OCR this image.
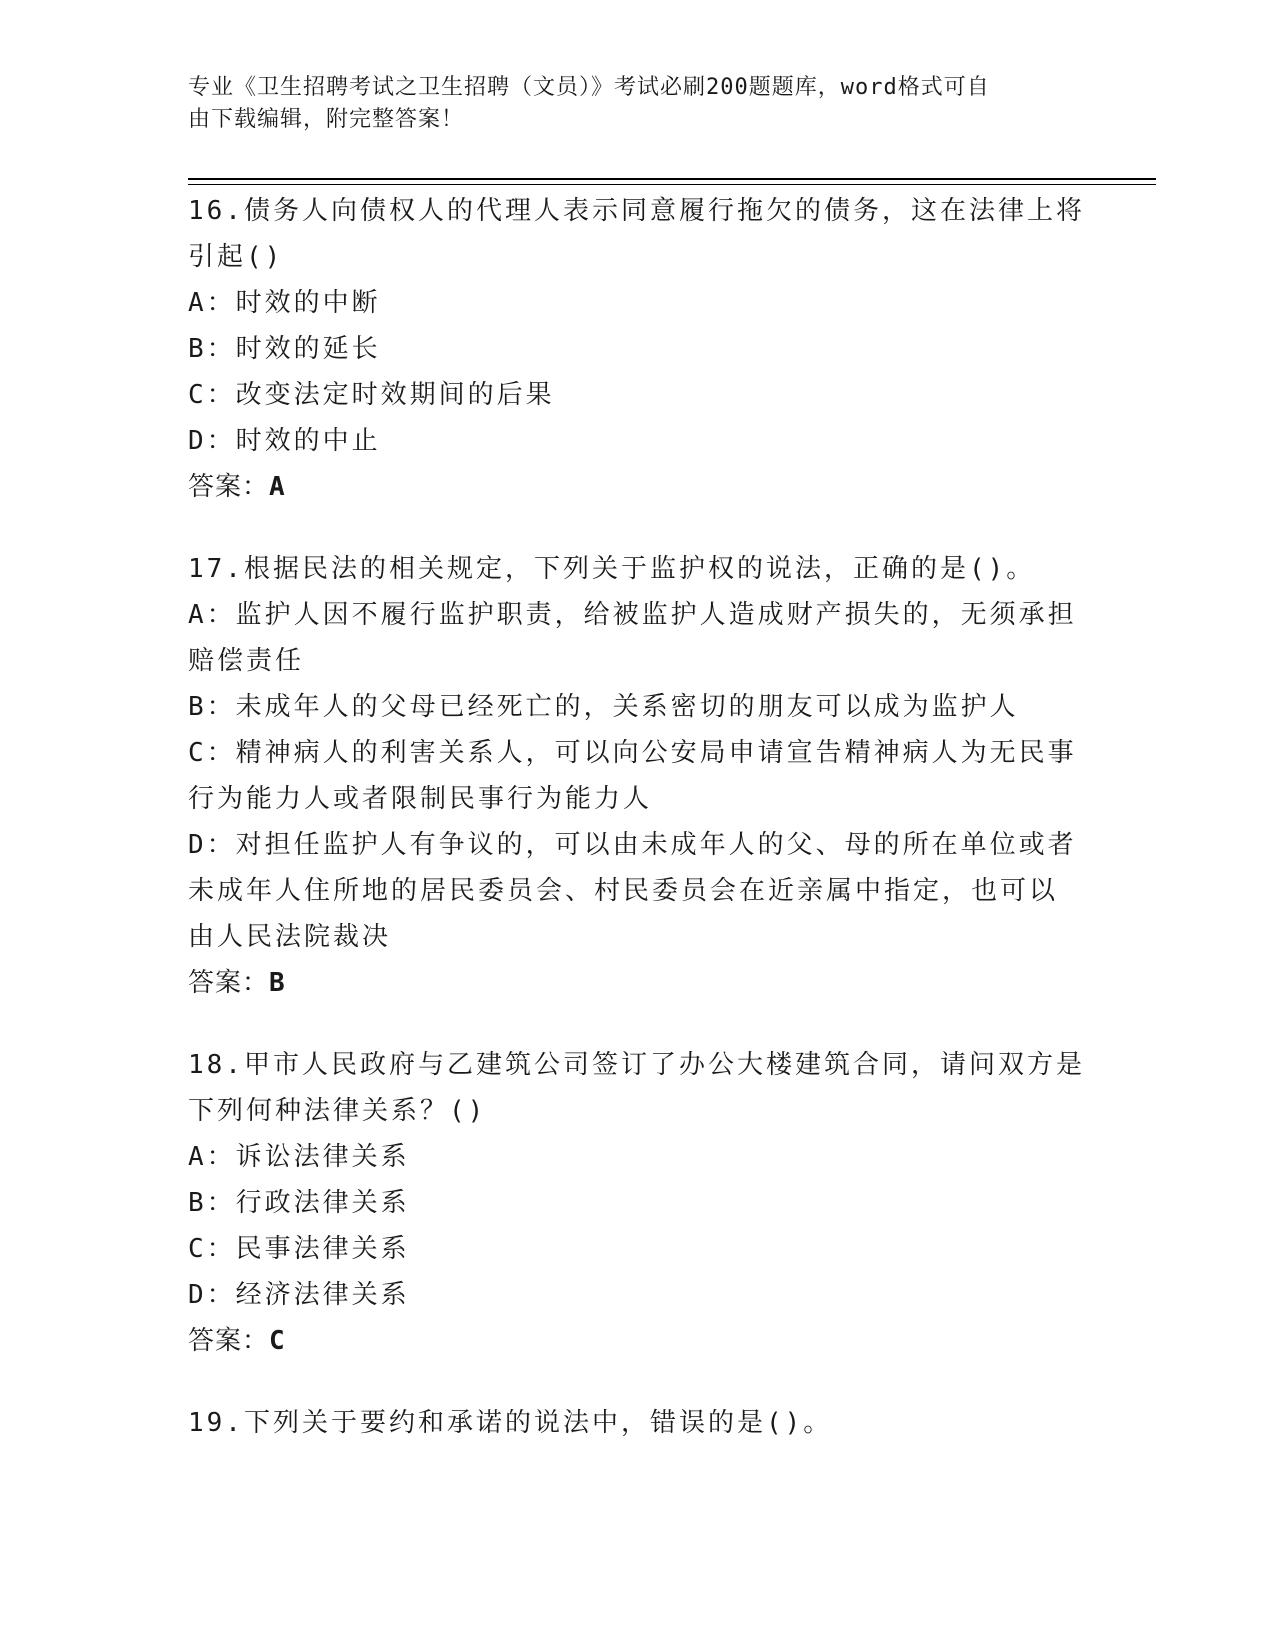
专业《卫生招聘考试之卫生招聘（文员）》考试必刷200题题库，word格式可自
由下载编辑，附完整答案！

16.债务人向债权人的代理人表示同意履行拖欠的债务，这在法律上将

引起()

A：时效的中断

B：时效的延长

C：改变法定时效期间的后果

D：时效的中止

答案：A

17.根据民法的相关规定，下列关于监护权的说法，正确的是()。

A：监护人因不履行监护职责，给被监护人造成财产损失的，无须承担

赔偿责任

B：未成年人的父母已经死亡的，关系密切的朋友可以成为监护人

C：精神病人的利害关系人，可以向公安局申请宣告精神病人为无民事

行为能力人或者限制民事行为能力人

D：对担任监护人有争议的，可以由未成年人的父、母的所在单位或者

未成年人住所地的居民委员会、村民委员会在近亲属中指定，也可以

由人民法院裁决

答案：B

18.甲市人民政府与乙建筑公司签订了办公大楼建筑合同，请问双方是

下列何种法律关系？()

A：诉讼法律关系

B：行政法律关系

C：民事法律关系

D：经济法律关系

答案：C

19.下列关于要约和承诺的说法中，错误的是()。
